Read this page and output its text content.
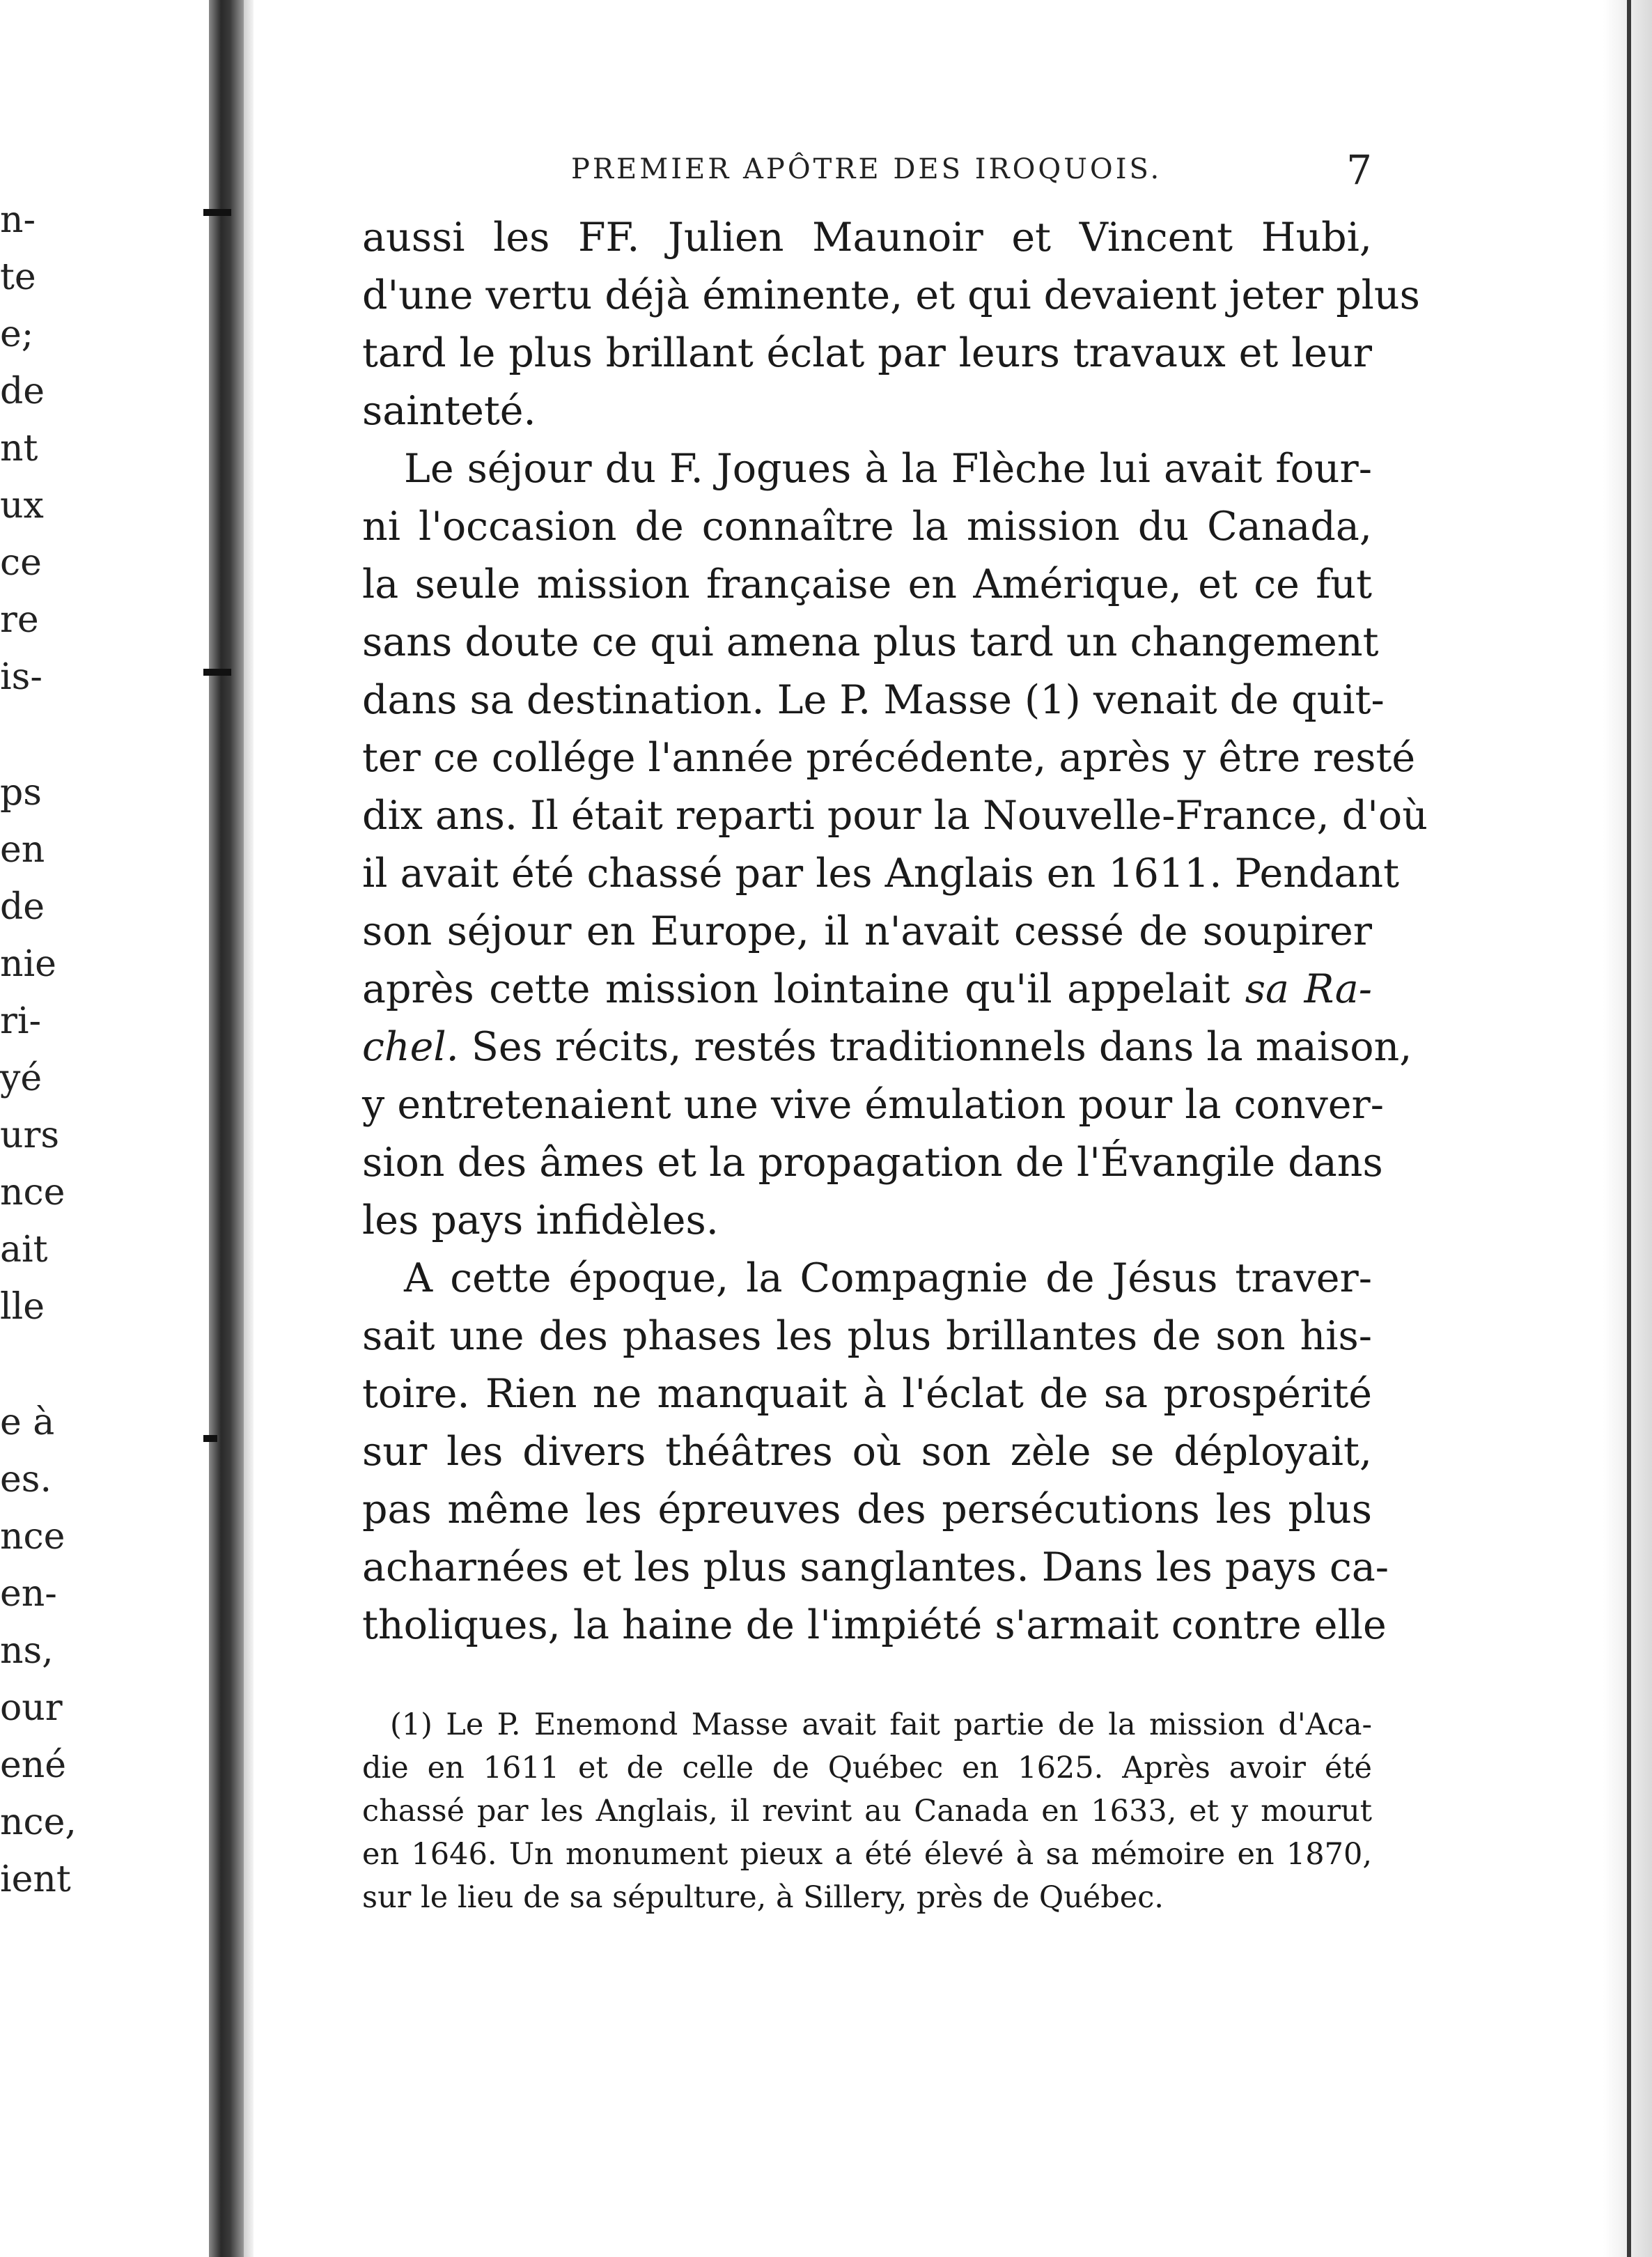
n-
te
e;
de
nt
ux
ce
re
is-
ps
en
de
nie
ri-
yé
urs
nce
ait
lle
e à
es.
nce
en-
ns,
our
ené
nce,
ient
PREMIER APÔTRE DES IROQUOIS.	7
aussi les FF. Julien Maunoir et Vincent Hubi,
d'une vertu déjà éminente, et qui devaient jeter plus
tard le plus brillant éclat par leurs travaux et leur
sainteté.
Le séjour du F. Jogues à la Flèche lui avait four-
ni l'occasion de connaître la mission du Canada,
la seule mission française en Amérique, et ce fut
sans doute ce qui amena plus tard un changement
dans sa destination. Le P. Masse (1) venait de quit-
ter ce collége l'année précédente, après y être resté
dix ans. Il était reparti pour la Nouvelle-France, d'où
il avait été chassé par les Anglais en 1611. Pendant
son séjour en Europe, il n'avait cessé de soupirer
après cette mission lointaine qu'il appelait sa Ra-
chel. Ses récits, restés traditionnels dans la maison,
y entretenaient une vive émulation pour la conver-
sion des âmes et la propagation de l'Évangile dans
les pays infidèles.
A cette époque, la Compagnie de Jésus traver-
sait une des phases les plus brillantes de son his-
toire. Rien ne manquait à l'éclat de sa prospérité
sur les divers théâtres où son zèle se déployait,
pas même les épreuves des persécutions les plus
acharnées et les plus sanglantes. Dans les pays ca-
tholiques, la haine de l'impiété s'armait contre elle
(1) Le P. Enemond Masse avait fait partie de la mission d'Aca-
die en 1611 et de celle de Québec en 1625. Après avoir été
chassé par les Anglais, il revint au Canada en 1633, et y mourut
en 1646. Un monument pieux a été élevé à sa mémoire en 1870,
sur le lieu de sa sépulture, à Sillery, près de Québec.
